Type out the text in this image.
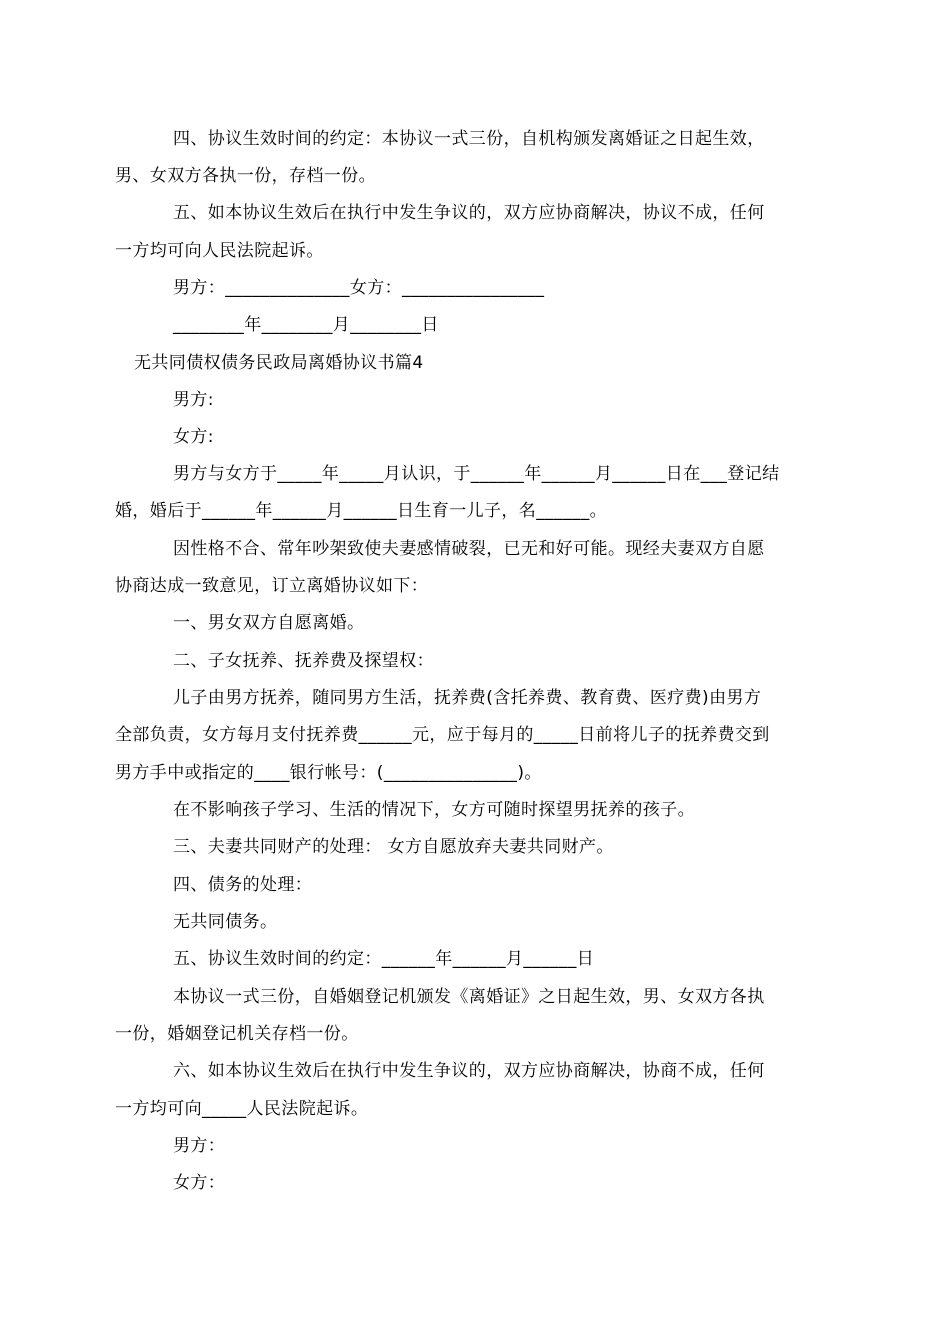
四、协议生效时间的约定：本协议一式三份，自机构颁发离婚证之日起生效，
男、女双方各执一份，存档一份。
五、如本协议生效后在执行中发生争议的，双方应协商解决，协议不成，任何
一方均可向人民法院起诉。
男方：______________女方：________________
________年________月________日
无共同债权债务民政局离婚协议书篇4
男方:
女方:
男方与女方于_____年_____月认识，于______年______月______日在___登记结
婚，婚后于______年______月______日生育一儿子，名______。
因性格不合、常年吵架致使夫妻感情破裂，已无和好可能。现经夫妻双方自愿
协商达成一致意见，订立离婚协议如下：
一、男女双方自愿离婚。
二、子女抚养、抚养费及探望权：
儿子由男方抚养，随同男方生活，抚养费(含托养费、教育费、医疗费)由男方
全部负责，女方每月支付抚养费______元，应于每月的_____日前将儿子的抚养费交到
男方手中或指定的____银行帐号：(_______________)。
在不影响孩子学习、生活的情况下，女方可随时探望男抚养的孩子。
三、夫妻共同财产的处理： 女方自愿放弃夫妻共同财产。
四、债务的处理：
无共同债务。
五、协议生效时间的约定：______年______月______日
本协议一式三份，自婚姻登记机颁发《离婚证》之日起生效，男、女双方各执
一份，婚姻登记机关存档一份。
六、如本协议生效后在执行中发生争议的，双方应协商解决，协商不成，任何
一方均可向_____人民法院起诉。
男方：
女方：
